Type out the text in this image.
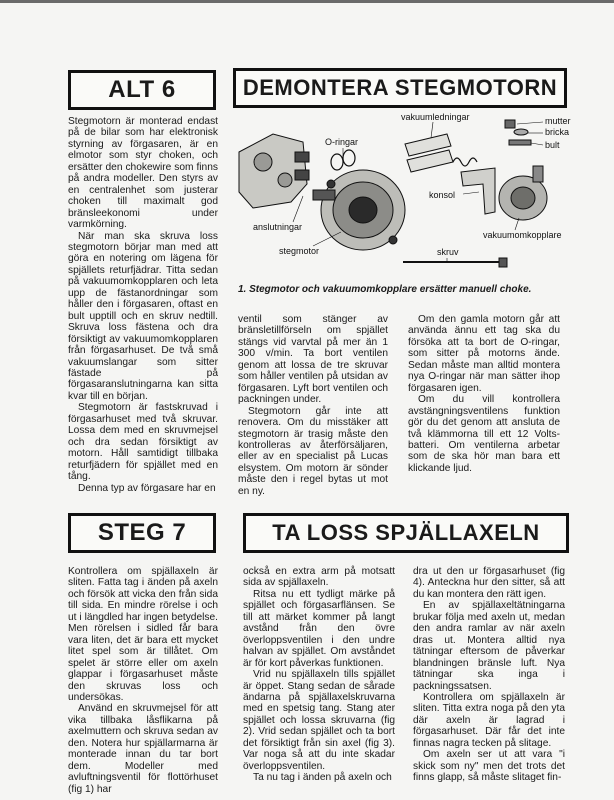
ALT 6	DEMONTERA STEGMOTORN
vakuumledningar	mutter
bricka
bult
O-ringar
konsol
anslutningar
vakuumomkopplare
stegmotor	skruv
1. Stegmotor och vakuumomkopplare ersätter manuell choke.

Stegmotorn är monterad endast på de bilar som har elektronisk styrning av förgasaren, är en elmotor som styr choken, och ersätter den chokewire som finns på andra modeller. Den styrs av en centralenhet som justerar choken till maximalt god bränsleekonomi under varmkörning.

När man ska skruva loss stegmotorn börjar man med att göra en notering om lägena för spjällets returfjädrar. Titta sedan på vakuumomkopplaren och leta upp de fästanordningar som håller den i förgasaren, oftast en bult upptill och en skruv nedtill. Skruva loss fästena och dra försiktigt av vakuumomkopplaren från förgasarhuset. De två små vakuumslangar som sitter fästade på förgasaranslutningarna kan sitta kvar till en början.

Stegmotorn är fastskruvad i förgasarhuset med två skruvar. Lossa dem med en skruvmejsel och dra sedan försiktigt av motorn. Håll samtidigt tillbaka returfjädern för spjället med en tång.

Denna typ av förgasare har en

ventil som stänger av bränsletillförseln om spjället stängs vid varvtal på mer än 1 300 v/min. Ta bort ventilen genom att lossa de tre skruvar som håller ventilen på utsidan av förgasaren. Lyft bort ventilen och packningen under.

Stegmotorn går inte att renovera. Om du misstäker att stegmotorn är trasig måste den kontrolleras av återförsäljaren, eller av en specialist på Lucas elsystem. Om motorn är sönder måste den i regel bytas ut mot en ny.

Om den gamla motorn går att använda ännu ett tag ska du försöka att ta bort de O-ringar, som sitter på motorns ände. Sedan måste man alltid montera nya O-ringar när man sätter ihop förgasaren igen.

Om du vill kontrollera avstängningsventilens funktion gör du det genom att ansluta de två klämmorna till ett 12 Volts-batteri. Om ventilerna arbetar som de ska hör man bara ett klickande ljud.

STEG 7	TA LOSS SPJÄLLAXELN

Kontrollera om spjällaxeln är sliten. Fatta tag i änden på axeln och försök att vicka den från sida till sida. En mindre rörelse i och ut i längdled har ingen betydelse. Men rörelsen i sidled får bara vara liten, det är bara ett mycket litet spel som är tillåtet. Om spelet är större eller om axeln glappar i förgasarhuset måste den skruvas loss och undersökas.

Använd en skruvmejsel för att vika tillbaka låsflikarna på axelmuttern och skruva sedan av den. Notera hur spjällarmarna är monterade innan du tar bort dem. Modeller med avluftningsventil för flottörhuset (fig 1) har

också en extra arm på motsatt sida av spjällaxeln.

Ritsa nu ett tydligt märke på spjället och förgasarflänsen. Se till att märket kommer på langt avstånd från den övre överloppsventilen i den undre halvan av spjället. Om avståndet är för kort påverkas funktionen.

Vrid nu spjällaxeln tills spjället är öppet. Stang sedan de sårade ändarna på spjällaxelskruvarna med en spetsig tang. Stang ater spjället och lossa skruvarna (fig 2). Vrid sedan spjället och ta bort det försiktigt från sin axel (fig 3). Var noga så att du inte skadar överloppsventilen.

Ta nu tag i änden på axeln och

dra ut den ur förgasarhuset (fig 4). Anteckna hur den sitter, så att du kan montera den rätt igen.

En av spjällaxeltätningarna brukar följa med axeln ut, medan den andra ramlar av när axeln dras ut. Montera alltid nya tätningar eftersom de påverkar blandningen bränsle luft. Nya tätningar ska inga i packningssatsen.

Kontrollera om spjällaxeln är sliten. Titta extra noga på den yta där axeln är lagrad i förgasarhuset. Där får det inte finnas nagra tecken på slitage.

Om axeln ser ut att vara "i skick som ny" men det trots det finns glapp, så måste slitaget fin-
